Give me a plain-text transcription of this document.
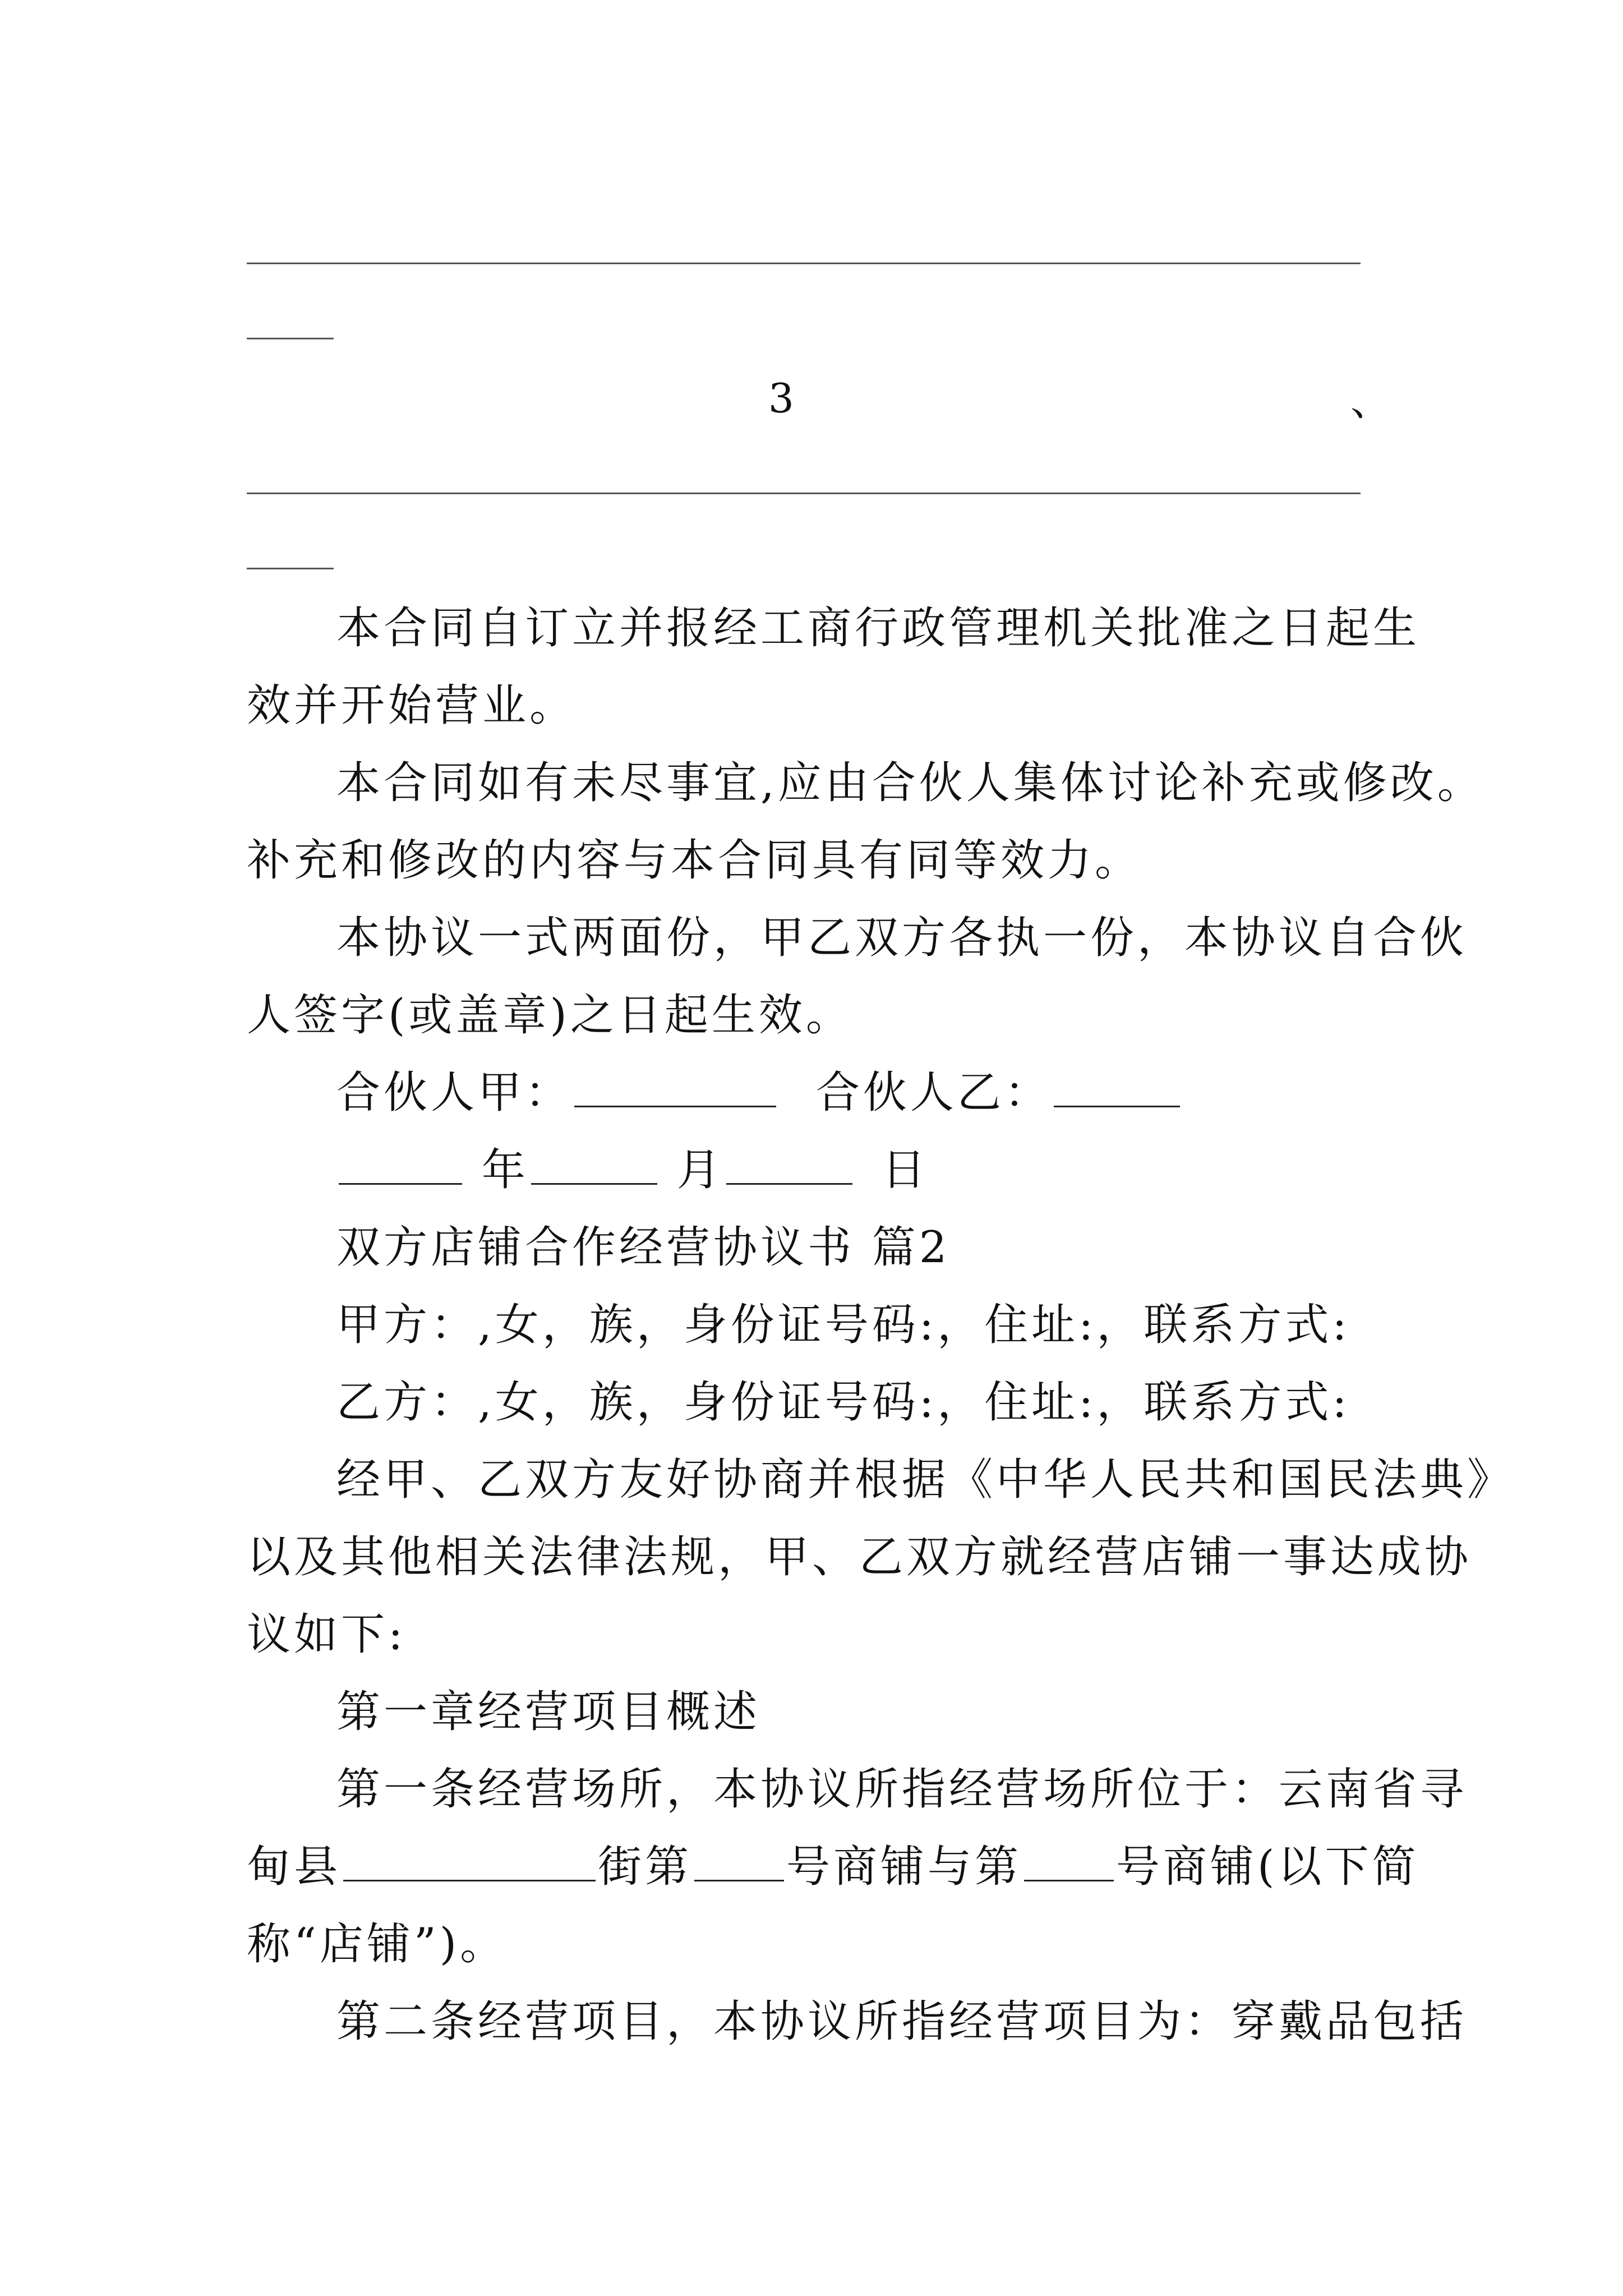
3	、
本合同自订立并报经工商行政管理机关批准之日起生
效并开始营业。
本合同如有未尽事宜,应由合伙人集体讨论补充或修改。
补充和修改的内容与本合同具有同等效力。
本协议一式两面份，甲乙双方各执一份，本协议自合伙
人签字(或盖章)之日起生效。
合伙人甲：	合伙人乙：
年	月	日
双方店铺合作经营协议书 篇2
甲方：,女，族，身份证号码:，住址:，联系方式:
乙方：,女，族，身份证号码:，住址:，联系方式:
经甲、乙双方友好协商并根据《中华人民共和国民法典》
以及其他相关法律法规，甲、乙双方就经营店铺一事达成协
议如下:
第一章经营项目概述
第一条经营场所，本协议所指经营场所位于：云南省寻
甸县	街第 号商铺与第 号商铺(以下简
称“店铺”)。
第二条经营项目，本协议所指经营项目为：穿戴品包括
